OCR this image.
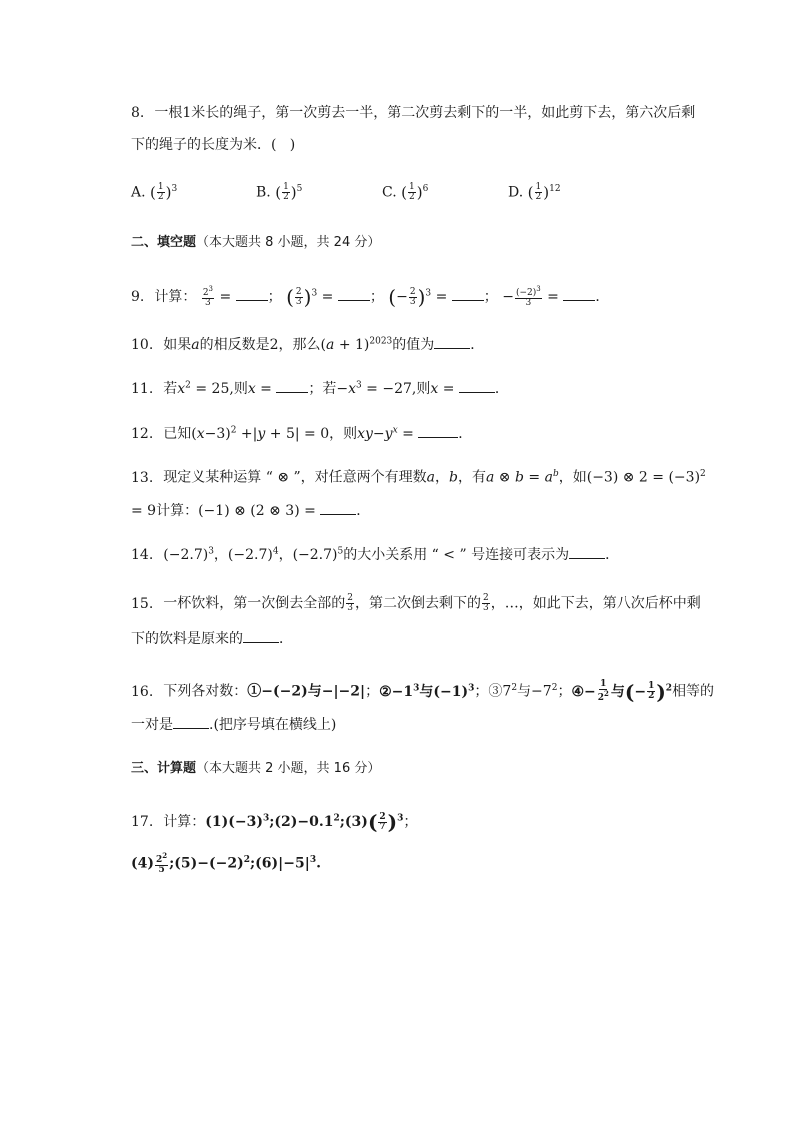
8. 一根1米长的绳子，第一次剪去一半，第二次剪去剩下的一半，如此剪下去，第六次后剩
下的绳子的长度为米．(   )
A. ( $\frac{1}{2} )^3$	B. ( $\frac{1}{2} )^5$	C. ( $\frac{1}{2} )^6$	D. ( $\frac{1}{2} )^{12}$
二、填空题（本大题共 8 小题，共 24 分）
9. 计算： $\frac{2^3}{3}$ = ； ( $\frac{2}{3} )^3$ = ； (− $\frac{2}{3} )^3$ = ； − $\frac{(-2)^3}{3}$ = ．
10. 如果a的相反数是2，那么$(a + 1)^{2023}$的值为	．
11. 若$x^2 = 25$,则x = ；若$-x^3 = -27$,则x =	．
12. 已知$(x-3)^2 +|y + 5| = 0$，则$xy-y^x$ =	．
13. 现定义某种运算 “ ⊗ ”，对任意两个有理数a，b，有a ⊗ $b = a^b$，如(−3) ⊗ $2 = (-3)^2$
= 9计算：(−1) ⊗ (2 ⊗ 3) =	．
14. $(-2.7)^3$，$(-2.7)^4$，$(-2.7)^5$的大小关系用 “ < ” 号连接可表示为	．
15. 一杯饮料，第一次倒去全部的 $\frac{2}{3}$ ，第二次倒去剩下的 $\frac{2}{3}$ ，…，如此下去，第八次后杯中剩
下的饮料是原来的	．
16. 下列各对数：①−(−2)与−|−2|；$②-1^3$与$(-1)^3$；$③7^2$与$-7^2$；④− $\frac{1}{2^2}$ 与(− $\frac{1}{2} )^2$相等的
一对是	.(把序号填在横线上)
三、计算题（本大题共 2 小题，共 16 分）
17. 计算：$(1)(-3)^3;(2)-0.1^2;(3)( \frac{2}{7} )^3$；
$(4) \frac{2^2}{5}$ $;(5)-(-2)^2;(6)|-5|^3$.
